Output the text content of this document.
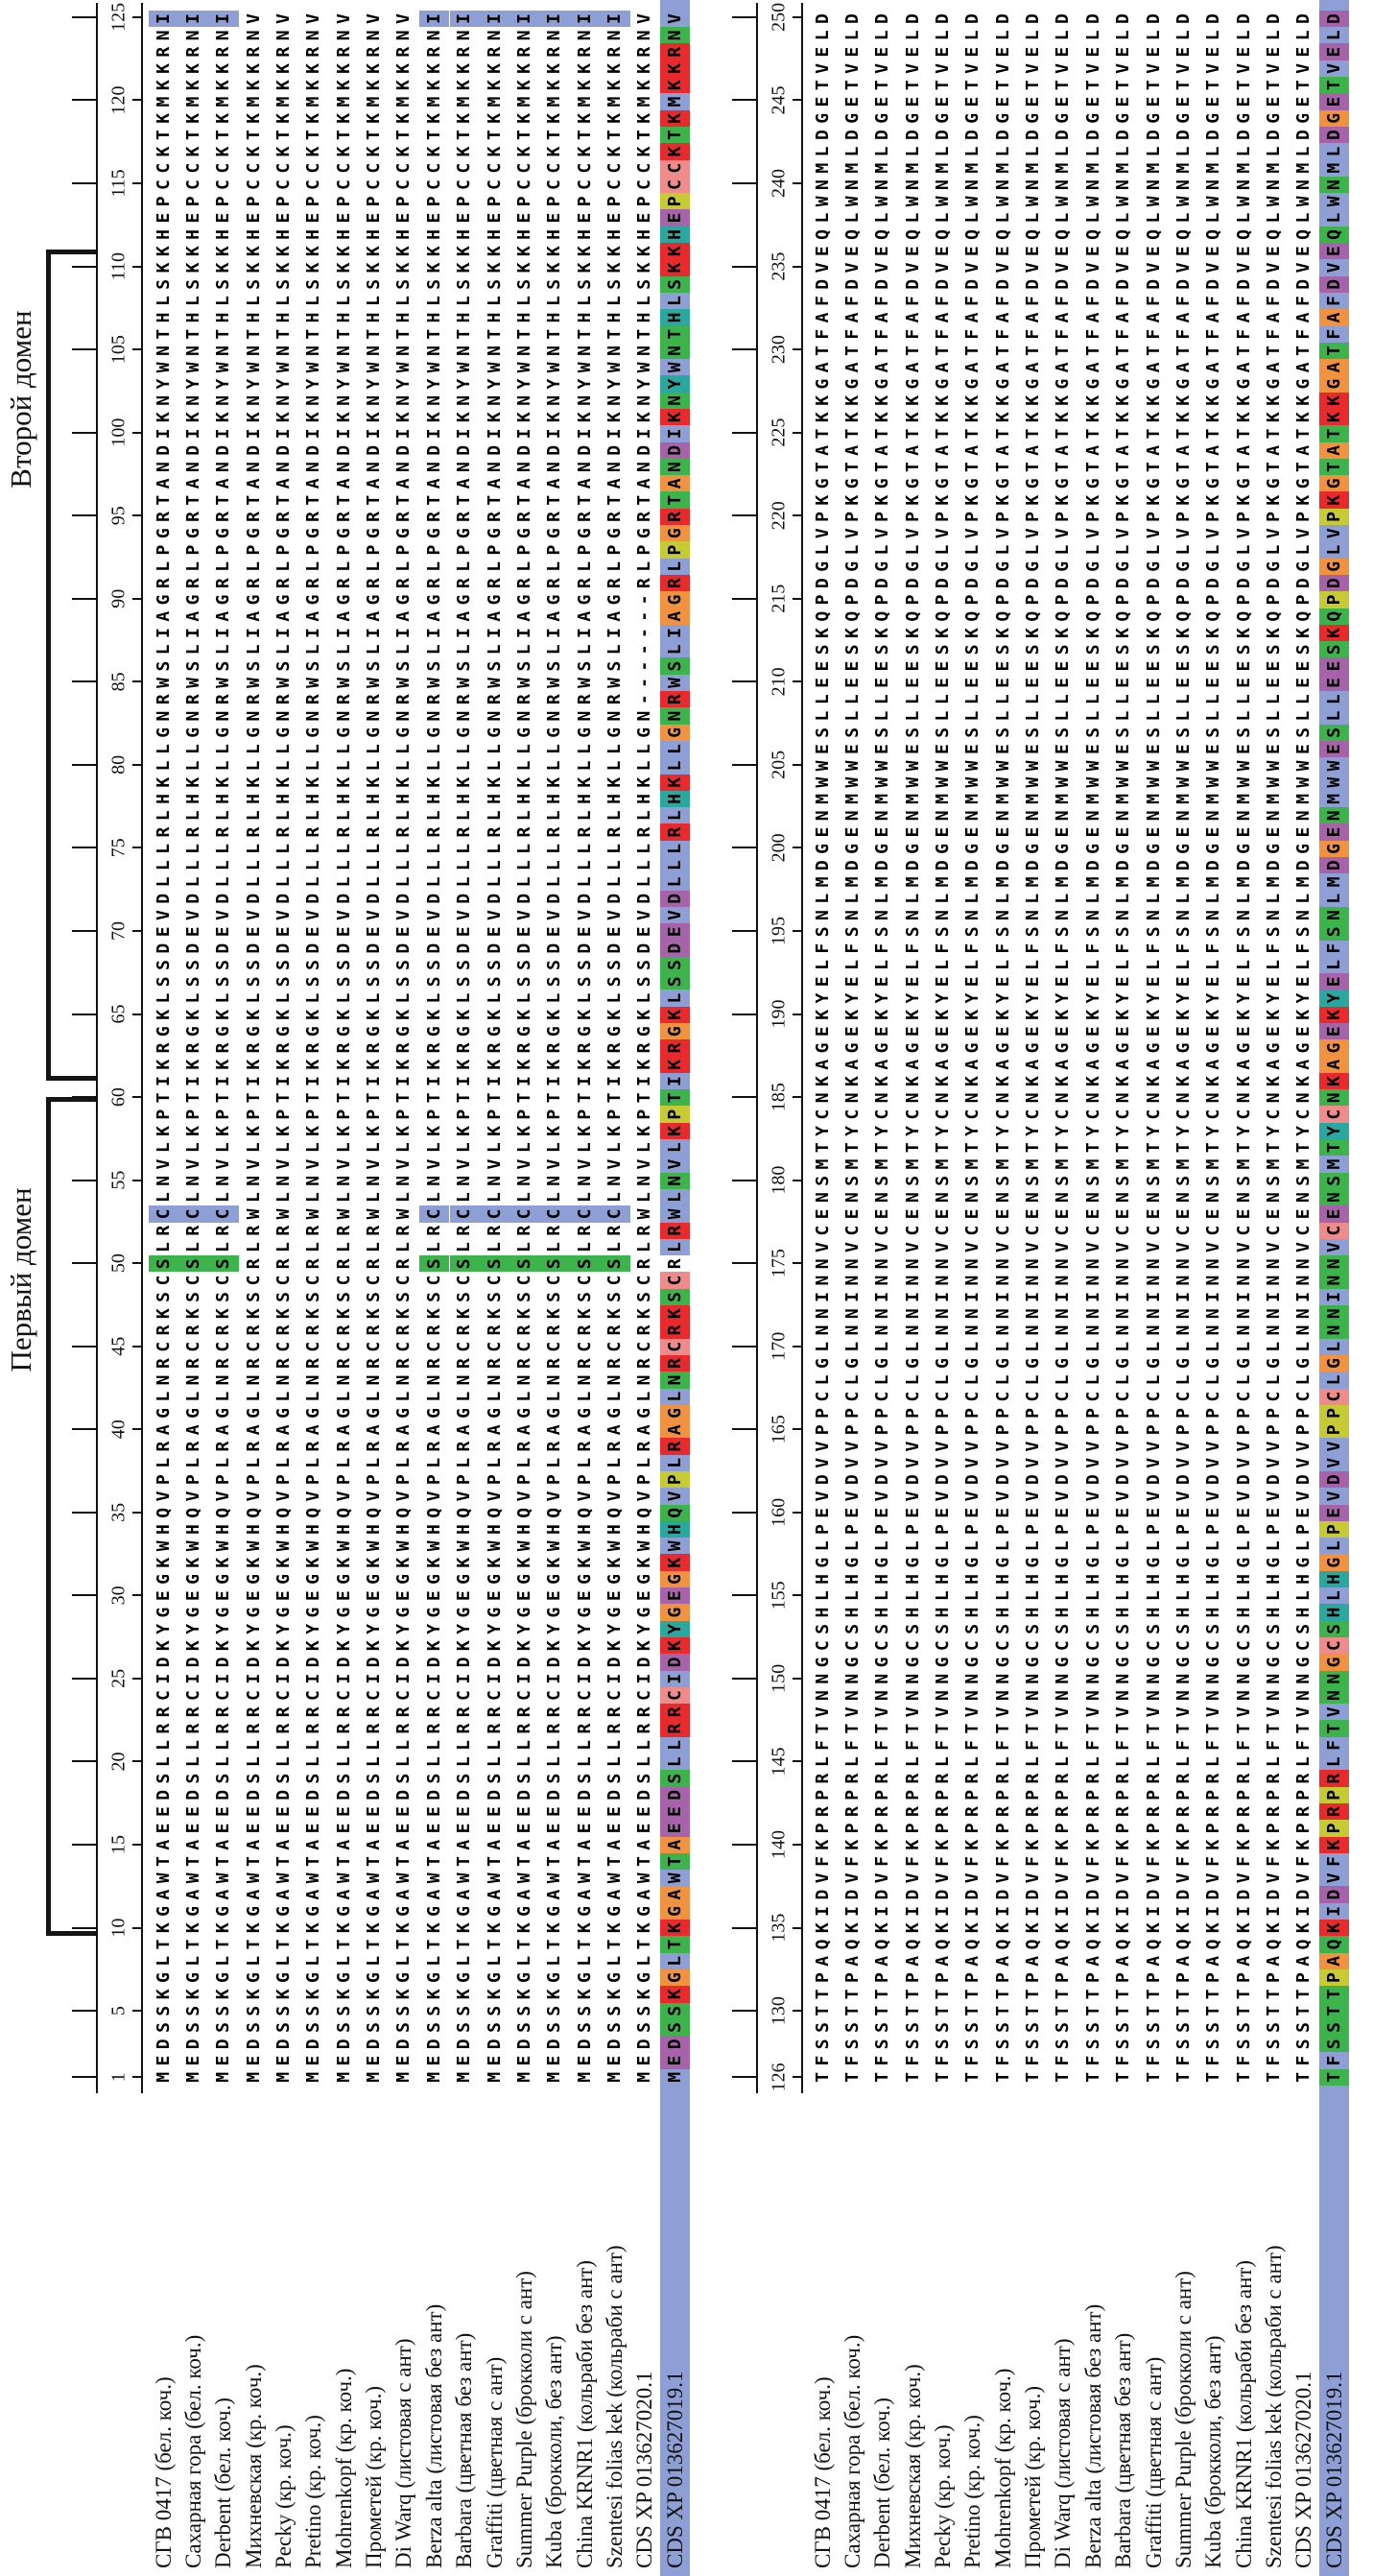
Первый домен
Второй домен
1
5
10
15
20
25
30
35
40
45
50
55
60
65
70
75
80
85
90
95
100
105
110
115
120
125
СГВ 0417 (бел. коч.)
M
E
D
S
S
K
G
L
T
K
G
A
W
T
A
E
E
D
S
L
L
R
R
C
I
D
K
Y
G
E
G
K
W
H
Q
V
P
L
R
A
G
L
N
R
C
R
K
S
C
S
L
R
C
L
N
V
L
K
P
T
I
K
R
G
K
L
S
S
D
E
V
D
L
L
L
R
L
H
K
L
L
G
N
R
W
S
L
I
A
G
R
L
P
G
R
T
A
N
D
I
K
N
Y
W
N
T
H
L
S
K
K
H
E
P
C
C
K
T
K
M
K
K
R
N
I
Сахарная гора (бел. коч.)
M
E
D
S
S
K
G
L
T
K
G
A
W
T
A
E
E
D
S
L
L
R
R
C
I
D
K
Y
G
E
G
K
W
H
Q
V
P
L
R
A
G
L
N
R
C
R
K
S
C
S
L
R
C
L
N
V
L
K
P
T
I
K
R
G
K
L
S
S
D
E
V
D
L
L
L
R
L
H
K
L
L
G
N
R
W
S
L
I
A
G
R
L
P
G
R
T
A
N
D
I
K
N
Y
W
N
T
H
L
S
K
K
H
E
P
C
C
K
T
K
M
K
K
R
N
I
Derbent (бел. коч.)
M
E
D
S
S
K
G
L
T
K
G
A
W
T
A
E
E
D
S
L
L
R
R
C
I
D
K
Y
G
E
G
K
W
H
Q
V
P
L
R
A
G
L
N
R
C
R
K
S
C
S
L
R
C
L
N
V
L
K
P
T
I
K
R
G
K
L
S
S
D
E
V
D
L
L
L
R
L
H
K
L
L
G
N
R
W
S
L
I
A
G
R
L
P
G
R
T
A
N
D
I
K
N
Y
W
N
T
H
L
S
K
K
H
E
P
C
C
K
T
K
M
K
K
R
N
I
Михневская (кр. коч.)
M
E
D
S
S
K
G
L
T
K
G
A
W
T
A
E
E
D
S
L
L
R
R
C
I
D
K
Y
G
E
G
K
W
H
Q
V
P
L
R
A
G
L
N
R
C
R
K
S
C
R
L
R
W
L
N
V
L
K
P
T
I
K
R
G
K
L
S
S
D
E
V
D
L
L
L
R
L
H
K
L
L
G
N
R
W
S
L
I
A
G
R
L
P
G
R
T
A
N
D
I
K
N
Y
W
N
T
H
L
S
K
K
H
E
P
C
C
K
T
K
M
K
K
R
N
V
Pecky (кр. коч.)
M
E
D
S
S
K
G
L
T
K
G
A
W
T
A
E
E
D
S
L
L
R
R
C
I
D
K
Y
G
E
G
K
W
H
Q
V
P
L
R
A
G
L
N
R
C
R
K
S
C
R
L
R
W
L
N
V
L
K
P
T
I
K
R
G
K
L
S
S
D
E
V
D
L
L
L
R
L
H
K
L
L
G
N
R
W
S
L
I
A
G
R
L
P
G
R
T
A
N
D
I
K
N
Y
W
N
T
H
L
S
K
K
H
E
P
C
C
K
T
K
M
K
K
R
N
V
Pretino (кр. коч.)
M
E
D
S
S
K
G
L
T
K
G
A
W
T
A
E
E
D
S
L
L
R
R
C
I
D
K
Y
G
E
G
K
W
H
Q
V
P
L
R
A
G
L
N
R
C
R
K
S
C
R
L
R
W
L
N
V
L
K
P
T
I
K
R
G
K
L
S
S
D
E
V
D
L
L
L
R
L
H
K
L
L
G
N
R
W
S
L
I
A
G
R
L
P
G
R
T
A
N
D
I
K
N
Y
W
N
T
H
L
S
K
K
H
E
P
C
C
K
T
K
M
K
K
R
N
V
Mohrenkopf (кр. коч.)
M
E
D
S
S
K
G
L
T
K
G
A
W
T
A
E
E
D
S
L
L
R
R
C
I
D
K
Y
G
E
G
K
W
H
Q
V
P
L
R
A
G
L
N
R
C
R
K
S
C
R
L
R
W
L
N
V
L
K
P
T
I
K
R
G
K
L
S
S
D
E
V
D
L
L
L
R
L
H
K
L
L
G
N
R
W
S
L
I
A
G
R
L
P
G
R
T
A
N
D
I
K
N
Y
W
N
T
H
L
S
K
K
H
E
P
C
C
K
T
K
M
K
K
R
N
V
Прометей (кр. коч.)
M
E
D
S
S
K
G
L
T
K
G
A
W
T
A
E
E
D
S
L
L
R
R
C
I
D
K
Y
G
E
G
K
W
H
Q
V
P
L
R
A
G
L
N
R
C
R
K
S
C
R
L
R
W
L
N
V
L
K
P
T
I
K
R
G
K
L
S
S
D
E
V
D
L
L
L
R
L
H
K
L
L
G
N
R
W
S
L
I
A
G
R
L
P
G
R
T
A
N
D
I
K
N
Y
W
N
T
H
L
S
K
K
H
E
P
C
C
K
T
K
M
K
K
R
N
V
Di Warq (листовая с ант)
M
E
D
S
S
K
G
L
T
K
G
A
W
T
A
E
E
D
S
L
L
R
R
C
I
D
K
Y
G
E
G
K
W
H
Q
V
P
L
R
A
G
L
N
R
C
R
K
S
C
R
L
R
W
L
N
V
L
K
P
T
I
K
R
G
K
L
S
S
D
E
V
D
L
L
L
R
L
H
K
L
L
G
N
R
W
S
L
I
A
G
R
L
P
G
R
T
A
N
D
I
K
N
Y
W
N
T
H
L
S
K
K
H
E
P
C
C
K
T
K
M
K
K
R
N
V
Berza alta (листовая без ант)
M
E
D
S
S
K
G
L
T
K
G
A
W
T
A
E
E
D
S
L
L
R
R
C
I
D
K
Y
G
E
G
K
W
H
Q
V
P
L
R
A
G
L
N
R
C
R
K
S
C
S
L
R
C
L
N
V
L
K
P
T
I
K
R
G
K
L
S
S
D
E
V
D
L
L
L
R
L
H
K
L
L
G
N
R
W
S
L
I
A
G
R
L
P
G
R
T
A
N
D
I
K
N
Y
W
N
T
H
L
S
K
K
H
E
P
C
C
K
T
K
M
K
K
R
N
I
Barbara (цветная без ант)
M
E
D
S
S
K
G
L
T
K
G
A
W
T
A
E
E
D
S
L
L
R
R
C
I
D
K
Y
G
E
G
K
W
H
Q
V
P
L
R
A
G
L
N
R
C
R
K
S
C
S
L
R
C
L
N
V
L
K
P
T
I
K
R
G
K
L
S
S
D
E
V
D
L
L
L
R
L
H
K
L
L
G
N
R
W
S
L
I
A
G
R
L
P
G
R
T
A
N
D
I
K
N
Y
W
N
T
H
L
S
K
K
H
E
P
C
C
K
T
K
M
K
K
R
N
I
Graffiti (цветная с ант)
M
E
D
S
S
K
G
L
T
K
G
A
W
T
A
E
E
D
S
L
L
R
R
C
I
D
K
Y
G
E
G
K
W
H
Q
V
P
L
R
A
G
L
N
R
C
R
K
S
C
S
L
R
C
L
N
V
L
K
P
T
I
K
R
G
K
L
S
S
D
E
V
D
L
L
L
R
L
H
K
L
L
G
N
R
W
S
L
I
A
G
R
L
P
G
R
T
A
N
D
I
K
N
Y
W
N
T
H
L
S
K
K
H
E
P
C
C
K
T
K
M
K
K
R
N
I
Summer Purple (брокколи с ант)
M
E
D
S
S
K
G
L
T
K
G
A
W
T
A
E
E
D
S
L
L
R
R
C
I
D
K
Y
G
E
G
K
W
H
Q
V
P
L
R
A
G
L
N
R
C
R
K
S
C
S
L
R
C
L
N
V
L
K
P
T
I
K
R
G
K
L
S
S
D
E
V
D
L
L
L
R
L
H
K
L
L
G
N
R
W
S
L
I
A
G
R
L
P
G
R
T
A
N
D
I
K
N
Y
W
N
T
H
L
S
K
K
H
E
P
C
C
K
T
K
M
K
K
R
N
I
Kuba (брокколи, без ант)
M
E
D
S
S
K
G
L
T
K
G
A
W
T
A
E
E
D
S
L
L
R
R
C
I
D
K
Y
G
E
G
K
W
H
Q
V
P
L
R
A
G
L
N
R
C
R
K
S
C
S
L
R
C
L
N
V
L
K
P
T
I
K
R
G
K
L
S
S
D
E
V
D
L
L
L
R
L
H
K
L
L
G
N
R
W
S
L
I
A
G
R
L
P
G
R
T
A
N
D
I
K
N
Y
W
N
T
H
L
S
K
K
H
E
P
C
C
K
T
K
M
K
K
R
N
I
China KRNR1 (кольраби без ант)
M
E
D
S
S
K
G
L
T
K
G
A
W
T
A
E
E
D
S
L
L
R
R
C
I
D
K
Y
G
E
G
K
W
H
Q
V
P
L
R
A
G
L
N
R
C
R
K
S
C
S
L
R
C
L
N
V
L
K
P
T
I
K
R
G
K
L
S
S
D
E
V
D
L
L
L
R
L
H
K
L
L
G
N
R
W
S
L
I
A
G
R
L
P
G
R
T
A
N
D
I
K
N
Y
W
N
T
H
L
S
K
K
H
E
P
C
C
K
T
K
M
K
K
R
N
I
Szentesi folias kek (кольраби с ант)
M
E
D
S
S
K
G
L
T
K
G
A
W
T
A
E
E
D
S
L
L
R
R
C
I
D
K
Y
G
E
G
K
W
H
Q
V
P
L
R
A
G
L
N
R
C
R
K
S
C
S
L
R
C
L
N
V
L
K
P
T
I
K
R
G
K
L
S
S
D
E
V
D
L
L
L
R
L
H
K
L
L
G
N
R
W
S
L
I
A
G
R
L
P
G
R
T
A
N
D
I
K
N
Y
W
N
T
H
L
S
K
K
H
E
P
C
C
K
T
K
M
K
K
R
N
I
CDS XP 013627020.1
M
E
D
S
S
K
G
L
T
K
G
A
W
T
A
E
E
D
S
L
L
R
R
C
I
D
K
Y
G
E
G
K
W
H
Q
V
P
L
R
A
G
L
N
R
C
R
K
S
C
R
L
R
W
L
N
V
L
K
P
T
I
K
R
G
K
L
S
S
D
E
V
D
L
L
L
R
L
H
K
L
L
G
N
-
-
-
-
-
-
-
R
L
P
G
R
T
A
N
D
I
K
N
Y
W
N
T
H
L
S
K
K
H
E
P
C
C
K
T
K
M
K
K
R
N
V
CDS XP 013627019.1
M
E
D
S
S
K
G
L
T
K
G
A
W
T
A
E
E
D
S
L
L
R
R
C
I
D
K
Y
G
E
G
K
W
H
Q
V
P
L
R
A
G
L
N
R
C
R
K
S
C
R
L
R
W
L
N
V
L
K
P
T
I
K
R
G
K
L
S
S
D
E
V
D
L
L
L
R
L
H
K
L
L
G
N
R
W
S
L
I
A
G
R
L
P
G
R
T
A
N
D
I
K
N
Y
W
N
T
H
L
S
K
K
H
E
P
C
C
K
T
K
M
K
K
R
N
V
126
130
135
140
145
150
155
160
165
170
175
180
185
190
195
200
205
210
215
220
225
230
235
240
245
250
СГВ 0417 (бел. коч.)
T
F
S
S
T
T
P
A
Q
K
I
D
V
F
K
P
R
P
R
L
F
T
V
N
N
G
C
S
H
L
H
G
L
P
E
V
D
V
V
P
P
C
L
G
L
N
N
I
N
N
V
C
E
N
S
M
T
Y
C
N
K
A
G
E
K
Y
E
L
F
S
N
L
M
D
G
E
N
M
W
W
E
S
L
L
E
E
S
K
Q
P
D
G
L
V
P
K
G
T
A
T
K
K
G
A
T
F
A
F
D
V
E
Q
L
W
N
M
L
D
G
E
T
V
E
L
D
Сахарная гора (бел. коч.)
T
F
S
S
T
T
P
A
Q
K
I
D
V
F
K
P
R
P
R
L
F
T
V
N
N
G
C
S
H
L
H
G
L
P
E
V
D
V
V
P
P
C
L
G
L
N
N
I
N
N
V
C
E
N
S
M
T
Y
C
N
K
A
G
E
K
Y
E
L
F
S
N
L
M
D
G
E
N
M
W
W
E
S
L
L
E
E
S
K
Q
P
D
G
L
V
P
K
G
T
A
T
K
K
G
A
T
F
A
F
D
V
E
Q
L
W
N
M
L
D
G
E
T
V
E
L
D
Derbent (бел. коч.)
T
F
S
S
T
T
P
A
Q
K
I
D
V
F
K
P
R
P
R
L
F
T
V
N
N
G
C
S
H
L
H
G
L
P
E
V
D
V
V
P
P
C
L
G
L
N
N
I
N
N
V
C
E
N
S
M
T
Y
C
N
K
A
G
E
K
Y
E
L
F
S
N
L
M
D
G
E
N
M
W
W
E
S
L
L
E
E
S
K
Q
P
D
G
L
V
P
K
G
T
A
T
K
K
G
A
T
F
A
F
D
V
E
Q
L
W
N
M
L
D
G
E
T
V
E
L
D
Михневская (кр. коч.)
T
F
S
S
T
T
P
A
Q
K
I
D
V
F
K
P
R
P
R
L
F
T
V
N
N
G
C
S
H
L
H
G
L
P
E
V
D
V
V
P
P
C
L
G
L
N
N
I
N
N
V
C
E
N
S
M
T
Y
C
N
K
A
G
E
K
Y
E
L
F
S
N
L
M
D
G
E
N
M
W
W
E
S
L
L
E
E
S
K
Q
P
D
G
L
V
P
K
G
T
A
T
K
K
G
A
T
F
A
F
D
V
E
Q
L
W
N
M
L
D
G
E
T
V
E
L
D
Pecky (кр. коч.)
T
F
S
S
T
T
P
A
Q
K
I
D
V
F
K
P
R
P
R
L
F
T
V
N
N
G
C
S
H
L
H
G
L
P
E
V
D
V
V
P
P
C
L
G
L
N
N
I
N
N
V
C
E
N
S
M
T
Y
C
N
K
A
G
E
K
Y
E
L
F
S
N
L
M
D
G
E
N
M
W
W
E
S
L
L
E
E
S
K
Q
P
D
G
L
V
P
K
G
T
A
T
K
K
G
A
T
F
A
F
D
V
E
Q
L
W
N
M
L
D
G
E
T
V
E
L
D
Pretino (кр. коч.)
T
F
S
S
T
T
P
A
Q
K
I
D
V
F
K
P
R
P
R
L
F
T
V
N
N
G
C
S
H
L
H
G
L
P
E
V
D
V
V
P
P
C
L
G
L
N
N
I
N
N
V
C
E
N
S
M
T
Y
C
N
K
A
G
E
K
Y
E
L
F
S
N
L
M
D
G
E
N
M
W
W
E
S
L
L
E
E
S
K
Q
P
D
G
L
V
P
K
G
T
A
T
K
K
G
A
T
F
A
F
D
V
E
Q
L
W
N
M
L
D
G
E
T
V
E
L
D
Mohrenkopf (кр. коч.)
T
F
S
S
T
T
P
A
Q
K
I
D
V
F
K
P
R
P
R
L
F
T
V
N
N
G
C
S
H
L
H
G
L
P
E
V
D
V
V
P
P
C
L
G
L
N
N
I
N
N
V
C
E
N
S
M
T
Y
C
N
K
A
G
E
K
Y
E
L
F
S
N
L
M
D
G
E
N
M
W
W
E
S
L
L
E
E
S
K
Q
P
D
G
L
V
P
K
G
T
A
T
K
K
G
A
T
F
A
F
D
V
E
Q
L
W
N
M
L
D
G
E
T
V
E
L
D
Прометей (кр. коч.)
T
F
S
S
T
T
P
A
Q
K
I
D
V
F
K
P
R
P
R
L
F
T
V
N
N
G
C
S
H
L
H
G
L
P
E
V
D
V
V
P
P
C
L
G
L
N
N
I
N
N
V
C
E
N
S
M
T
Y
C
N
K
A
G
E
K
Y
E
L
F
S
N
L
M
D
G
E
N
M
W
W
E
S
L
L
E
E
S
K
Q
P
D
G
L
V
P
K
G
T
A
T
K
K
G
A
T
F
A
F
D
V
E
Q
L
W
N
M
L
D
G
E
T
V
E
L
D
Di Warq (листовая с ант)
T
F
S
S
T
T
P
A
Q
K
I
D
V
F
K
P
R
P
R
L
F
T
V
N
N
G
C
S
H
L
H
G
L
P
E
V
D
V
V
P
P
C
L
G
L
N
N
I
N
N
V
C
E
N
S
M
T
Y
C
N
K
A
G
E
K
Y
E
L
F
S
N
L
M
D
G
E
N
M
W
W
E
S
L
L
E
E
S
K
Q
P
D
G
L
V
P
K
G
T
A
T
K
K
G
A
T
F
A
F
D
V
E
Q
L
W
N
M
L
D
G
E
T
V
E
L
D
Berza alta (листовая без ант)
T
F
S
S
T
T
P
A
Q
K
I
D
V
F
K
P
R
P
R
L
F
T
V
N
N
G
C
S
H
L
H
G
L
P
E
V
D
V
V
P
P
C
L
G
L
N
N
I
N
N
V
C
E
N
S
M
T
Y
C
N
K
A
G
E
K
Y
E
L
F
S
N
L
M
D
G
E
N
M
W
W
E
S
L
L
E
E
S
K
Q
P
D
G
L
V
P
K
G
T
A
T
K
K
G
A
T
F
A
F
D
V
E
Q
L
W
N
M
L
D
G
E
T
V
E
L
D
Barbara (цветная без ант)
T
F
S
S
T
T
P
A
Q
K
I
D
V
F
K
P
R
P
R
L
F
T
V
N
N
G
C
S
H
L
H
G
L
P
E
V
D
V
V
P
P
C
L
G
L
N
N
I
N
N
V
C
E
N
S
M
T
Y
C
N
K
A
G
E
K
Y
E
L
F
S
N
L
M
D
G
E
N
M
W
W
E
S
L
L
E
E
S
K
Q
P
D
G
L
V
P
K
G
T
A
T
K
K
G
A
T
F
A
F
D
V
E
Q
L
W
N
M
L
D
G
E
T
V
E
L
D
Graffiti (цветная с ант)
T
F
S
S
T
T
P
A
Q
K
I
D
V
F
K
P
R
P
R
L
F
T
V
N
N
G
C
S
H
L
H
G
L
P
E
V
D
V
V
P
P
C
L
G
L
N
N
I
N
N
V
C
E
N
S
M
T
Y
C
N
K
A
G
E
K
Y
E
L
F
S
N
L
M
D
G
E
N
M
W
W
E
S
L
L
E
E
S
K
Q
P
D
G
L
V
P
K
G
T
A
T
K
K
G
A
T
F
A
F
D
V
E
Q
L
W
N
M
L
D
G
E
T
V
E
L
D
Summer Purple (брокколи с ант)
T
F
S
S
T
T
P
A
Q
K
I
D
V
F
K
P
R
P
R
L
F
T
V
N
N
G
C
S
H
L
H
G
L
P
E
V
D
V
V
P
P
C
L
G
L
N
N
I
N
N
V
C
E
N
S
M
T
Y
C
N
K
A
G
E
K
Y
E
L
F
S
N
L
M
D
G
E
N
M
W
W
E
S
L
L
E
E
S
K
Q
P
D
G
L
V
P
K
G
T
A
T
K
K
G
A
T
F
A
F
D
V
E
Q
L
W
N
M
L
D
G
E
T
V
E
L
D
Kuba (брокколи, без ант)
T
F
S
S
T
T
P
A
Q
K
I
D
V
F
K
P
R
P
R
L
F
T
V
N
N
G
C
S
H
L
H
G
L
P
E
V
D
V
V
P
P
C
L
G
L
N
N
I
N
N
V
C
E
N
S
M
T
Y
C
N
K
A
G
E
K
Y
E
L
F
S
N
L
M
D
G
E
N
M
W
W
E
S
L
L
E
E
S
K
Q
P
D
G
L
V
P
K
G
T
A
T
K
K
G
A
T
F
A
F
D
V
E
Q
L
W
N
M
L
D
G
E
T
V
E
L
D
China KRNR1 (кольраби без ант)
T
F
S
S
T
T
P
A
Q
K
I
D
V
F
K
P
R
P
R
L
F
T
V
N
N
G
C
S
H
L
H
G
L
P
E
V
D
V
V
P
P
C
L
G
L
N
N
I
N
N
V
C
E
N
S
M
T
Y
C
N
K
A
G
E
K
Y
E
L
F
S
N
L
M
D
G
E
N
M
W
W
E
S
L
L
E
E
S
K
Q
P
D
G
L
V
P
K
G
T
A
T
K
K
G
A
T
F
A
F
D
V
E
Q
L
W
N
M
L
D
G
E
T
V
E
L
D
Szentesi folias kek (кольраби с ант)
T
F
S
S
T
T
P
A
Q
K
I
D
V
F
K
P
R
P
R
L
F
T
V
N
N
G
C
S
H
L
H
G
L
P
E
V
D
V
V
P
P
C
L
G
L
N
N
I
N
N
V
C
E
N
S
M
T
Y
C
N
K
A
G
E
K
Y
E
L
F
S
N
L
M
D
G
E
N
M
W
W
E
S
L
L
E
E
S
K
Q
P
D
G
L
V
P
K
G
T
A
T
K
K
G
A
T
F
A
F
D
V
E
Q
L
W
N
M
L
D
G
E
T
V
E
L
D
CDS XP 013627020.1
T
F
S
S
T
T
P
A
Q
K
I
D
V
F
K
P
R
P
R
L
F
T
V
N
N
G
C
S
H
L
H
G
L
P
E
V
D
V
V
P
P
C
L
G
L
N
N
I
N
N
V
C
E
N
S
M
T
Y
C
N
K
A
G
E
K
Y
E
L
F
S
N
L
M
D
G
E
N
M
W
W
E
S
L
L
E
E
S
K
Q
P
D
G
L
V
P
K
G
T
A
T
K
K
G
A
T
F
A
F
D
V
E
Q
L
W
N
M
L
D
G
E
T
V
E
L
D
CDS XP 013627019.1
T
F
S
S
T
T
P
A
Q
K
I
D
V
F
K
P
R
P
R
L
F
T
V
N
N
G
C
S
H
L
H
G
L
P
E
V
D
V
V
P
P
C
L
G
L
N
N
I
N
N
V
C
E
N
S
M
T
Y
C
N
K
A
G
E
K
Y
E
L
F
S
N
L
M
D
G
E
N
M
W
W
E
S
L
L
E
E
S
K
Q
P
D
G
L
V
P
K
G
T
A
T
K
K
G
A
T
F
A
F
D
V
E
Q
L
W
N
M
L
D
G
E
T
V
E
L
D
